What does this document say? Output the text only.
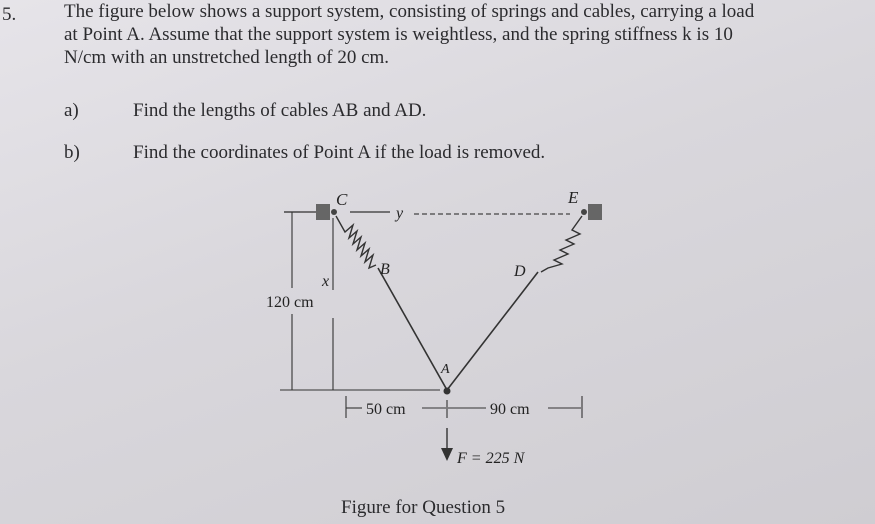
5.	The figure below shows a support system, consisting of springs and cables, carrying a load
at Point A. Assume that the support system is weightless, and the spring stiffness k is 10
N/cm with an unstretched length of 20 cm.
a)	Find the lengths of cables AB and AD.
b)	Find the coordinates of Point A if the load is removed.
C
y
E
B	D
x
A
120 cm
50 cm	90 cm
F = 225 N
Figure for Question 5
